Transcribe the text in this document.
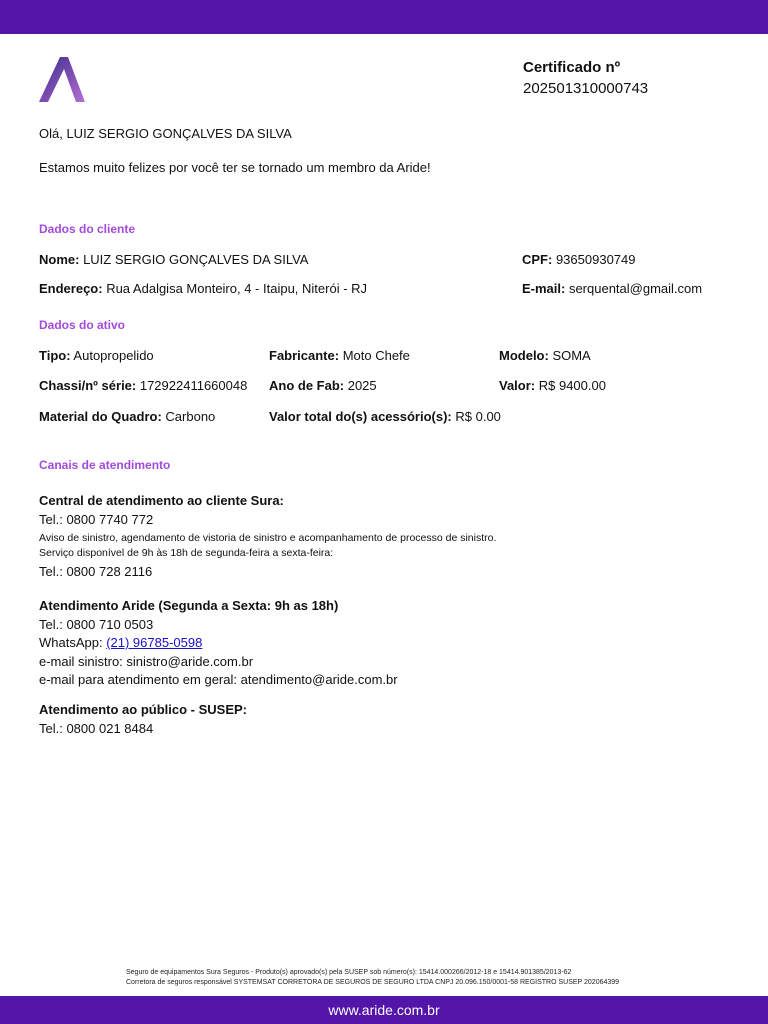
Certificado nº
202501310000743
Olá, LUIZ SERGIO GONÇALVES DA SILVA
Estamos muito felizes por você ter se tornado um membro da Aride!
Dados do cliente
Nome: LUIZ SERGIO GONÇALVES DA SILVA	CPF: 93650930749
Endereço: Rua Adalgisa Monteiro, 4 - Itaipu, Niterói - RJ	E-mail: serquental@gmail.com
Dados do ativo
Tipo: Autopropelido	Fabricante: Moto Chefe	Modelo: SOMA
Chassi/nº série: 172922411660048 Ano de Fab: 2025	Valor: R$ 9400.00
Material do Quadro: Carbono	Valor total do(s) acessório(s): R$ 0.00
Canais de atendimento
Central de atendimento ao cliente Sura:
Tel.: 0800 7740 772
Aviso de sinistro, agendamento de vistoria de sinistro e acompanhamento de processo de sinistro. Serviço disponível de 9h às 18h de segunda-feira a sexta-feira:
Tel.: 0800 728 2116
Atendimento Aride (Segunda a Sexta: 9h as 18h)
Tel.: 0800 710 0503
WhatsApp: (21) 96785-0598
e-mail sinistro: sinistro@aride.com.br
e-mail para atendimento em geral: atendimento@aride.com.br
Atendimento ao público - SUSEP:
Tel.: 0800 021 8484
Seguro de equipamentos Sura Seguros - Produto(s) aprovado(s) pela SUSEP sob número(s): 15414.000266/2012-18 e 15414.901385/2013-62
Corretora de seguros responsável SYSTEMSAT CORRETORA DE SEGUROS DE SEGURO LTDA CNPJ 20.096.150/0001-58 REGISTRO SUSEP 202064399
www.aride.com.br
